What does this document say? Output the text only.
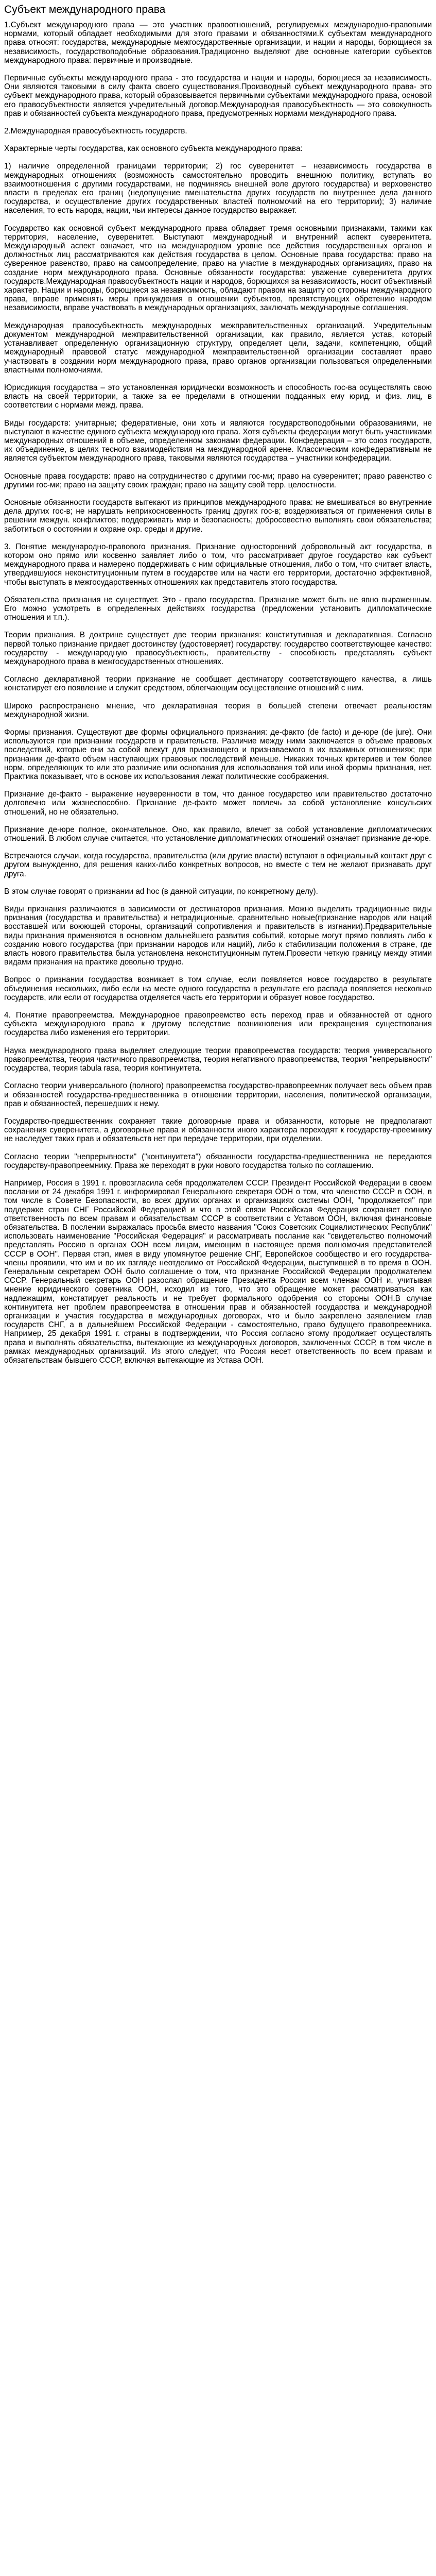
Субъект международного права

1.Субъект международного права — это участник правоотношений, регулируемых международно-правовыми нормами, который обладает необходимыми для этого правами и обязанностями.К субъектам международного права относят: государства, международные межгосударственные организации, и нации и народы, борющиеся за независимость, государствоподобные образования.Традиционно выделяют две основные категории субъектов международного права: первичные и производные.

Первичные субъекты международного права - это государства и нации и народы, борющиеся за независимость. Они являются таковыми в силу факта своего существования.Производный субъект международного права- это субъект международного права, который образовывается первичными субъектами международного права, основой его правосубъектности является учредительный договор.Международная правосубъектность — это совокупность прав и обязанностей субъекта международного права, предусмотренных нормами международного права.

2.Международная правосубъектность государств.

Характерные черты государства, как основного субъекта международного права:

1) наличие определенной границами территории; 2) гос суверенитет – независимость государства в международных отношениях (возможность самостоятельно проводить внешнюю политику, вступать во взаимоотношения с другими государствами, не подчиняясь внешней воле другого государства) и верховенство власти в пределах его границ (недопущение вмешательства других государств во внутреннее дела данного государства, и осуществление других государственных властей полномочий на его территории); 3) наличие населения, то есть народа, нации, чьи интересы данное государство выражает.

Государство как основной субъект международного права обладает тремя основными признаками, такими как территория, население, суверенитет. Выступают международный и внутренний аспект суверенитета. Международный аспект означает, что на международном уровне все действия государственных органов и должностных лиц рассматриваются как действия государства в целом. Основные права государства: право на суверенное равенство, право на самоопределение, право на участие в международных организациях, право на создание норм международного права. Основные обязанности государства: уважение суверенитета других государств.Международная правосубъектность нации и народов, борющихся за независимость, носит объективный характер. Нации и народы, борющиеся за независимость, обладают правом на защиту со стороны международного права, вправе применять меры принуждения в отношении субъектов, препятствующих обретению народом независимости, вправе участвовать в международных организациях, заключать международные соглашения.

Международная правосубъектность международных межправительственных организаций. Учредительным документом международной межправительственной организации, как правило, является устав, который устанавливает определенную организационную структуру, определяет цели, задачи, компетенцию, общий международный правовой статус международной межправительственной организации составляет право участвовать в создании норм международного права, право органов организации пользоваться определенными властными полномочиями.

Юрисдикция государства – это установленная юридически возможность и способность гос-ва осуществлять свою власть на своей территории, а также за ее пределами в отношении подданных ему юрид. и физ. лиц, в соответствии с нормами межд. права.

Виды государств: унитарные; федеративные, они хоть и являются государствоподобными образованиями, не выступают в качестве единого субъекта международного права. Хотя субъекты федерации могут быть участниками международных отношений в объеме, определенном законами федерации. Конфедерация – это союз государств, их объединение, в целях тесного взаимодействия на международной арене. Классическим конфедеративным не является субъектом международного права, таковыми являются государства – участники конфедерации.

Основные права государств: право на сотрудничество с другими гос-ми; право на суверенитет; право равенство с другими гос-ми; право на защиту своих граждан; право на защиту свой терр. целостности.

Основные обязанности государств вытекают из принципов международного права: не вмешиваться во внутренние дела других гос-в; не нарушать неприкосновенность границ других гос-в; воздерживаться от применения силы в решении междун. конфликтов; поддерживать мир и безопасность; добросовестно выполнять свои обязательства; заботиться о состоянии и охране окр. среды и другие.

3. Понятие международно-правового признания. Признание односторонний добровольный акт государства, в котором оно прямо или косвенно заявляет либо о том, что рассматривает другое государство как субъект международного права и намерено поддерживать с ним официальные отношения, либо о том, что считает власть, утвердившуюся неконституционным путем в государстве или на части его территории, достаточно эффективной, чтобы выступать в межгосударственных отношениях как представитель этого государства.

Обязательства признания не существует. Это - право государства. Признание может быть не явно выраженным. Его можно усмотреть в определенных действиях государства (предложении установить дипломатические отношения и т.п.).

Теории признания. В доктрине существует две теории признания: конститутивная и декларативная. Согласно первой только признание придает достоинству (удостоверяет) государству: государство соответствующее качество: государству - международную правосубъектность, правительству - способность представлять субъект международного права в межгосударственных отношениях.

Согласно декларативной теории признание не сообщает дестинатору соответствующего качества, а лишь констатирует его появление и служит средством, облегчающим осуществление отношений с ним.

Широко распространено мнение, что декларативная теория в большей степени отвечает реальностям международной жизни.

Формы признания. Существуют две формы официального признания: де-факто (de facto) и де-юре (de jure). Они используются при признании государств и правительств. Различие между ними заключается в объеме правовых последствий, которые они за собой влекут для признающего и признаваемого в их взаимных отношениях; при признании де-факто объем наступающих правовых последствий меньше. Никаких точных критериев и тем более норм, определяющих то или это различие или основания для использования той или иной формы признания, нет. Практика показывает, что в основе их использования лежат политические соображения.

Признание де-факто - выражение неуверенности в том, что данное государство или правительство достаточно долговечно или жизнеспособно. Признание де-факто может повлечь за собой установление консульских отношений, но не обязательно.

Признание де-юре полное, окончательное. Оно, как правило, влечет за собой установление дипломатических отношений. В любом случае считается, что установление дипломатических отношений означает признание де-юре.

Встречаются случаи, когда государства, правительства (или другие власти) вступают в официальный контакт друг с другом вынужденно, для решения каких-либо конкретных вопросов, но вместе с тем не желают признавать друг друга.

В этом случае говорят о признании ad hoc (в данной ситуации, по конкретному делу).

Виды признания различаются в зависимости от дестинаторов признания. Можно выделить традиционные виды признания (государства и правительства) и нетрадиционные, сравнительно новые(признание народов или наций восставшей или воюющей стороны, организаций сопротивления и правительств в изгнании).Предварительные виды признания применяются в основном дальнейшего развития событий, которые могут прямо повлиять либо к созданию нового государства (при признании народов или наций), либо к стабилизации положения в стране, где власть нового правительства была установлена неконституционным путем.Провести четкую границу между этими видами признания на практике довольно трудно.

Вопрос о признании государства возникает в том случае, если появляется новое государство в результате объединения нескольких, либо если на месте одного государства в результате его распада появляется несколько государств, или если от государства отделяется часть его территории и образует новое государство.

4. Понятие правопреемства. Международное правопреемство есть переход прав и обязанностей от одного субъекта международного права к другому вследствие возникновения или прекращения существования государства либо изменения его территории.

Наука международного права выделяет следующие теории правопреемства государств: теория универсального правопреемства, теория частичного правопреемства, теория негативного правопреемства, теория "непрерывности" государства, теория tabula rasa, теория континуитета.

Согласно теории универсального (полного) правопреемства государство-правопреемник получает весь объем прав и обязанностей государства-предшественника в отношении территории, населения, политической организации, прав и обязанностей, перешедших к нему.

Государство-предшественник сохраняет такие договорные права и обязанности, которые не предполагают сохранения суверенитета, а договорные права и обязанности иного характера переходят к государству-преемнику не наследует таких прав и обязательств нет при передаче территории, при отделении.

Согласно теории "непрерывности" ("континуитета") обязанности государства-предшественника не передаются государству-правопреемнику. Права же переходят в руки нового государства только по соглашению.

Например, Россия в 1991 г. провозгласила себя продолжателем СССР. Президент Российской Федерации в своем послании от 24 декабря 1991 г. информировал Генерального секретаря ООН о том, что членство СССР в ООН, в том числе в Совете Безопасности, во всех других органах и организациях системы ООН, "продолжается" при поддержке стран СНГ Российской Федерацией и что в этой связи Российская Федерация сохраняет полную ответственность по всем правам и обязательствам СССР в соответствии с Уставом ООН, включая финансовые обязательства. В послении выражалась просьба вместо названия "Союз Советских Социалистических Республик" использовать наименование "Российская Федерация" и рассматривать послание как "свидетельство полномочий представлять Россию в органах ООН всем лицам, имеющим в настоящее время полномочия представителей СССР в ООН". Первая стэп, имея в виду упомянутое решение СНГ, Европейское сообщество и его государства-члены проявили, что им и во их взгляде неотделимо от Российской Федерации, выступившей в то время в ООН. Генеральным секретарем ООН было соглашение о том, что признание Российской Федерации продолжателем СССР. Генеральный секретарь ООН разослал обращение Президента России всем членам ООН и, учитывая мнение юридического советника ООН, исходил из того, что это обращение может рассматриваться как надлежащим, констатирует реальность и не требует формального одобрения со стороны ООН.В случае континуитета нет проблем правопреемства в отношении прав и обязанностей государства и международной организации и участия государства в международных договорах, что и было закреплено заявлением глав государств СНГ, а в дальнейшем Российской Федерации - самостоятельно, право будущего правопреемника. Например, 25 декабря 1991 г. страны в подтверждении, что Россия согласно этому продолжает осуществлять права и выполнять обязательства, вытекающие из международных договоров, заключенных СССР, в том числе в рамках международных организаций. Из этого следует, что Россия несет ответственность по всем правам и обязательствам бывшего СССР, включая вытекающие из Устава ООН.
